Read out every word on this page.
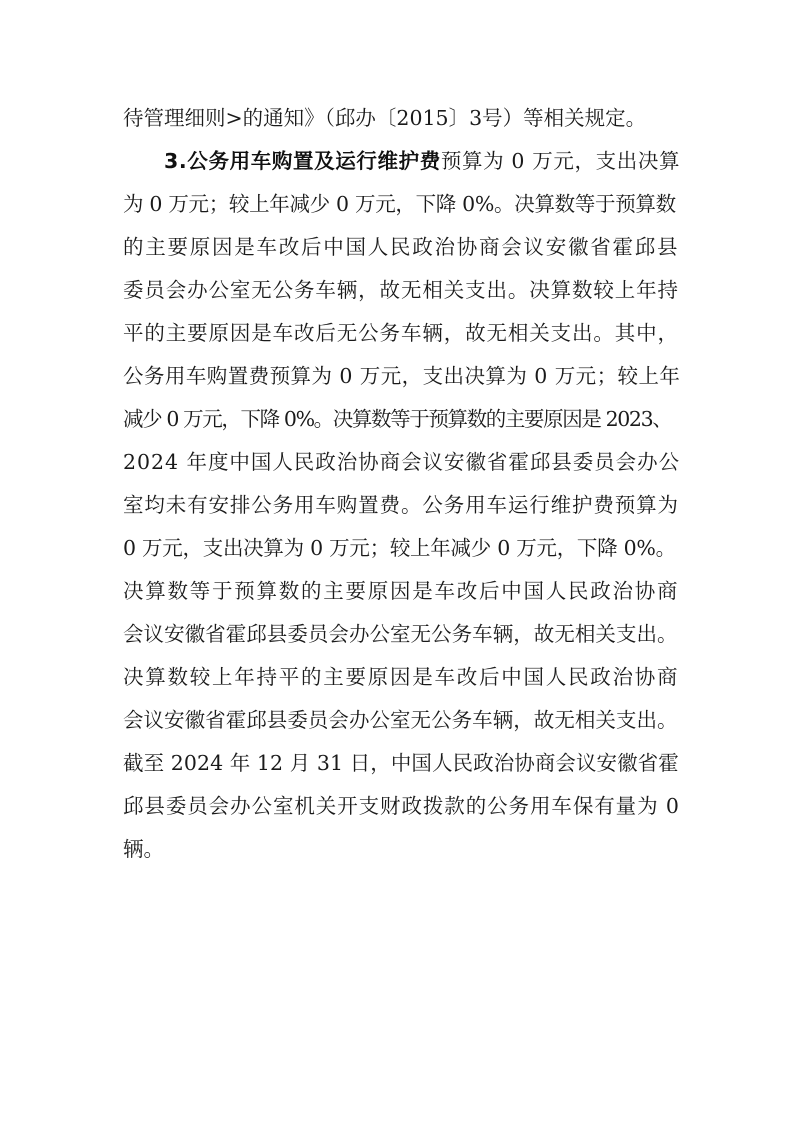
待管理细则>的通知》（邱办〔2015〕3号）等相关规定。
3.公务用车购置及运行维护费预算为 0 万元，支出决算
为 0 万元；较上年减少 0 万元，下降 0%。决算数等于预算数
的主要原因是车改后中国人民政治协商会议安徽省霍邱县
委员会办公室无公务车辆，故无相关支出。决算数较上年持
平的主要原因是车改后无公务车辆，故无相关支出。其中，
公务用车购置费预算为 0 万元，支出决算为 0 万元；较上年
减少 0 万元，下降 0%。决算数等于预算数的主要原因是 2023、
2024 年度中国人民政治协商会议安徽省霍邱县委员会办公
室均未有安排公务用车购置费。公务用车运行维护费预算为
0 万元，支出决算为 0 万元；较上年减少 0 万元，下降 0%。
决算数等于预算数的主要原因是车改后中国人民政治协商
会议安徽省霍邱县委员会办公室无公务车辆，故无相关支出。
决算数较上年持平的主要原因是车改后中国人民政治协商
会议安徽省霍邱县委员会办公室无公务车辆，故无相关支出。
截至 2024 年 12 月 31 日，中国人民政治协商会议安徽省霍
邱县委员会办公室机关开支财政拨款的公务用车保有量为 0
辆。
